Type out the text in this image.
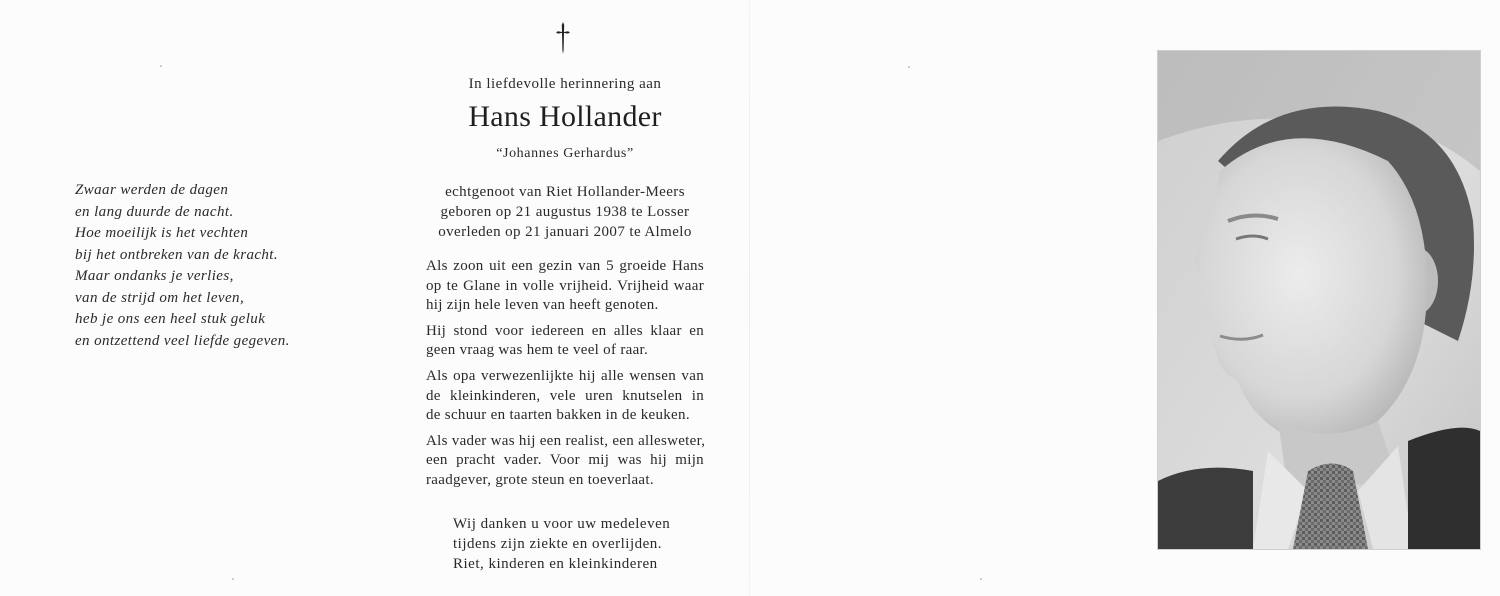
Zwaar werden de dagen
en lang duurde de nacht.
Hoe moeilijk is het vechten
bij het ontbreken van de kracht.
Maar ondanks je verlies,
van de strijd om het leven,
heb je ons een heel stuk geluk
en ontzettend veel liefde gegeven.
In liefdevolle herinnering aan
Hans Hollander
“Johannes Gerhardus”
echtgenoot van Riet Hollander-Meers
geboren op 21 augustus 1938 te Losser
overleden op 21 januari 2007 te Almelo
Als zoon uit een gezin van 5 groeide Hans
op te Glane in volle vrijheid. Vrijheid waar
hij zijn hele leven van heeft genoten.
Hij stond voor iedereen en alles klaar en
geen vraag was hem te veel of raar.
Als opa verwezenlijkte hij alle wensen van
de kleinkinderen, vele uren knutselen in
de schuur en taarten bakken in de keuken.
Als vader was hij een realist, een allesweter,
een pracht vader. Voor mij was hij mijn
raadgever, grote steun en toeverlaat.
Wij danken u voor uw medeleven
tijdens zijn ziekte en overlijden.
Riet, kinderen en kleinkinderen
